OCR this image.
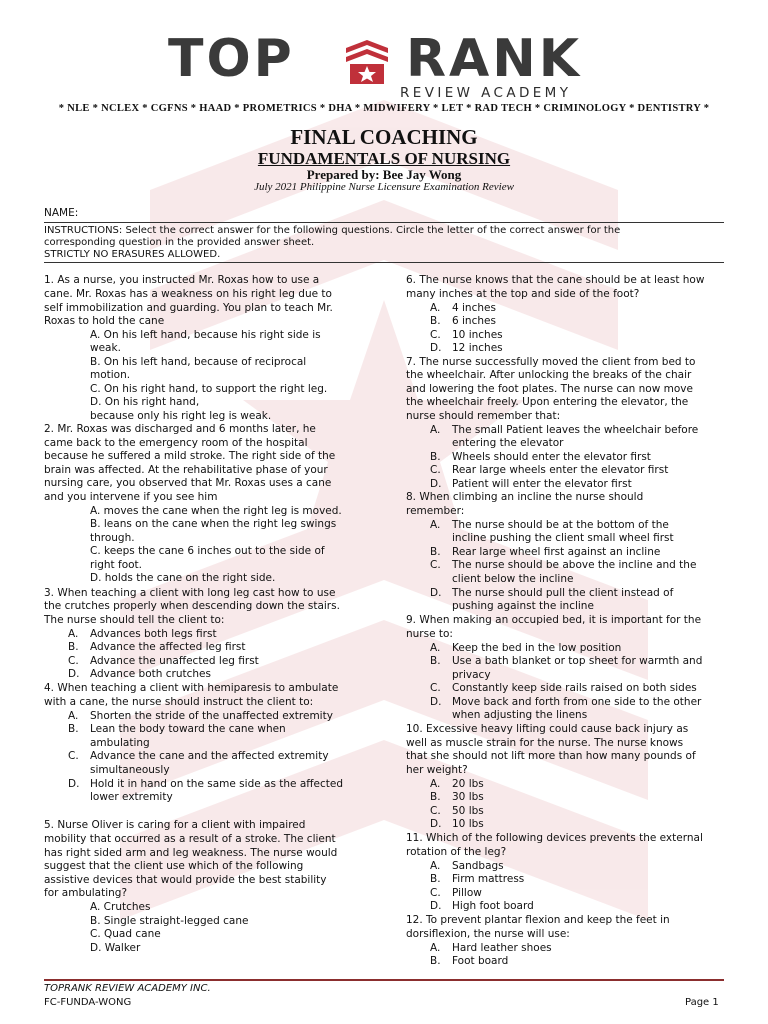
TOP RANK
REVIEW ACADEMY
* NLE * NCLEX * CGFNS * HAAD * PROMETRICS * DHA * MIDWIFERY * LET * RAD TECH * CRIMINOLOGY * DENTISTRY *
FINAL COACHING
FUNDAMENTALS OF NURSING
Prepared by: Bee Jay Wong
July 2021 Philippine Nurse Licensure Examination Review
NAME:
INSTRUCTIONS: Select the correct answer for the following questions. Circle the letter of the correct answer for the
corresponding question in the provided answer sheet.
STRICTLY NO ERASURES ALLOWED.
1. As a nurse, you instructed Mr. Roxas how to use a
cane. Mr. Roxas has a weakness on his right leg due to
self immobilization and guarding. You plan to teach Mr.
Roxas to hold the cane
A. On his left hand, because his right side is
weak.
B. On his left hand, because of reciprocal
motion.
C. On his right hand, to support the right leg.
D. On his right hand,
because only his right leg is weak.
2. Mr. Roxas was discharged and 6 months later, he
came back to the emergency room of the hospital
because he suffered a mild stroke. The right side of the
brain was affected. At the rehabilitative phase of your
nursing care, you observed that Mr. Roxas uses a cane
and you intervene if you see him
A. moves the cane when the right leg is moved.
B. leans on the cane when the right leg swings
through.
C. keeps the cane 6 inches out to the side of
right foot.
D. holds the cane on the right side.
3. When teaching a client with long leg cast how to use
the crutches properly when descending down the stairs.
The nurse should tell the client to:
A. Advances both legs first
B. Advance the affected leg first
C. Advance the unaffected leg first
D. Advance both crutches
4. When teaching a client with hemiparesis to ambulate
with a cane, the nurse should instruct the client to:
A. Shorten the stride of the unaffected extremity
B. Lean the body toward the cane when
ambulating
C. Advance the cane and the affected extremity
simultaneously
D. Hold it in hand on the same side as the affected
lower extremity
5. Nurse Oliver is caring for a client with impaired
mobility that occurred as a result of a stroke. The client
has right sided arm and leg weakness. The nurse would
suggest that the client use which of the following
assistive devices that would provide the best stability
for ambulating?
A. Crutches
B. Single straight-legged cane
C. Quad cane
D. Walker
6. The nurse knows that the cane should be at least how
many inches at the top and side of the foot?
A. 4 inches
B. 6 inches
C. 10 inches
D. 12 inches
7. The nurse successfully moved the client from bed to
the wheelchair. After unlocking the breaks of the chair
and lowering the foot plates. The nurse can now move
the wheelchair freely. Upon entering the elevator, the
nurse should remember that:
A. The small Patient leaves the wheelchair before
entering the elevator
B. Wheels should enter the elevator first
C. Rear large wheels enter the elevator first
D. Patient will enter the elevator first
8. When climbing an incline the nurse should
remember:
A. The nurse should be at the bottom of the
incline pushing the client small wheel first
B. Rear large wheel first against an incline
C. The nurse should be above the incline and the
client below the incline
D. The nurse should pull the client instead of
pushing against the incline
9. When making an occupied bed, it is important for the
nurse to:
A. Keep the bed in the low position
B. Use a bath blanket or top sheet for warmth and
privacy
C. Constantly keep side rails raised on both sides
D. Move back and forth from one side to the other
when adjusting the linens
10. Excessive heavy lifting could cause back injury as
well as muscle strain for the nurse. The nurse knows
that she should not lift more than how many pounds of
her weight?
A. 20 lbs
B. 30 lbs
C. 50 lbs
D. 10 lbs
11. Which of the following devices prevents the external
rotation of the leg?
A. Sandbags
B. Firm mattress
C. Pillow
D. High foot board
12. To prevent plantar flexion and keep the feet in
dorsiflexion, the nurse will use:
A. Hard leather shoes
B. Foot board
TOPRANK REVIEW ACADEMY INC.
FC-FUNDA-WONG	Page 1
